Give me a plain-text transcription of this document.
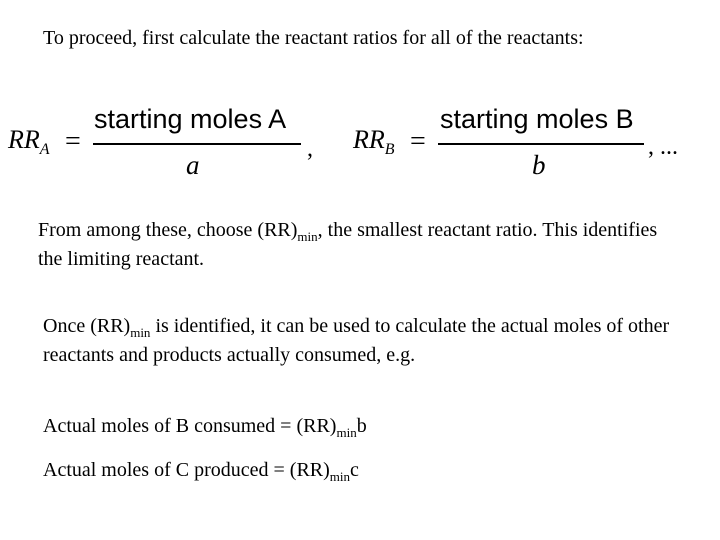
To proceed, first calculate the reactant ratios for all of the reactants:

$RR_A$ =
starting moles A
a
, $RR_B$ =
starting moles B
b
, ...

From among these, choose $(RR)_{min}$, the smallest reactant ratio. This identifies the limiting reactant.

Once $(RR)_{min}$ is identified, it can be used to calculate the actual moles of other reactants and products actually consumed, e.g.

Actual moles of B consumed = $(RR)_{min}b$

Actual moles of C produced = $(RR)_{min}c$
